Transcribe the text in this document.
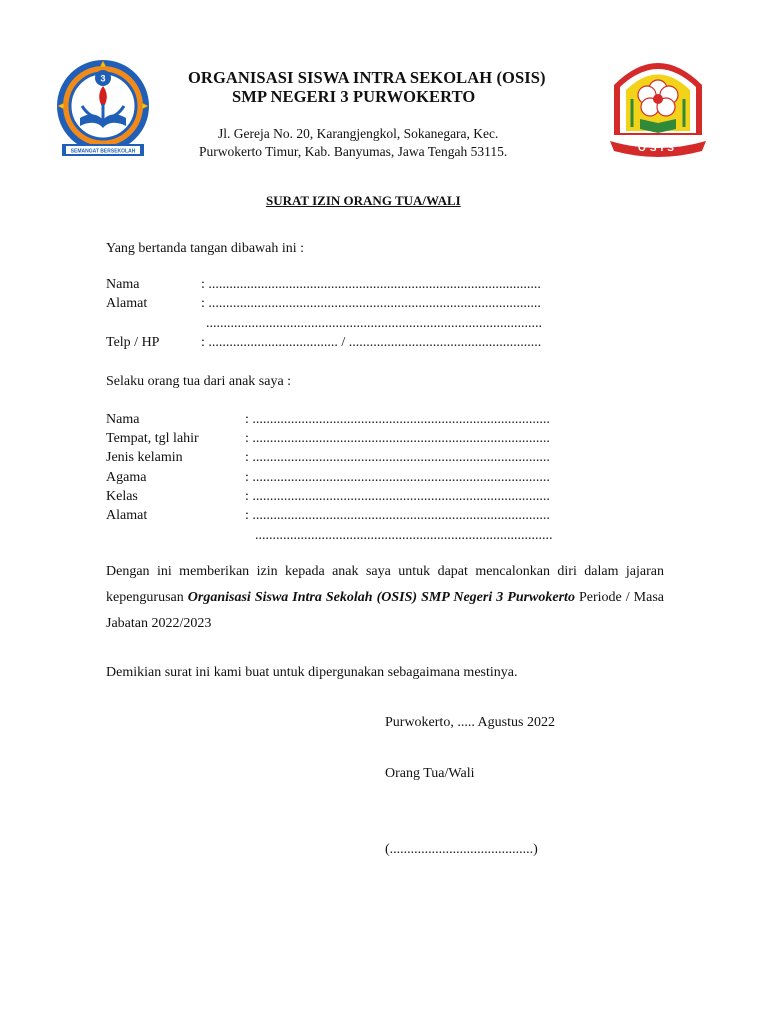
3
SEMANGAT BERSEKOLAH	OSIS
ORGANISASI SISWA INTRA SEKOLAH (OSIS)
SMP NEGERI 3 PURWOKERTO
Jl. Gereja No. 20, Karangjengkol, Sokanegara, Kec.
Purwokerto Timur, Kab. Banyumas, Jawa Tengah 53115.
SURAT IZIN ORANG TUA/WALI
Yang bertanda tangan dibawah ini :
Nama	: ...............................................................................................
Alamat	: ...............................................................................................
................................................................................................
Telp / HP	: ..................................... / .......................................................
Selaku orang tua dari anak saya :
Nama	: .....................................................................................
Tempat, tgl lahir	: .....................................................................................
Jenis kelamin	: .....................................................................................
Agama	: .....................................................................................
Kelas	: .....................................................................................
Alamat	: .....................................................................................
.....................................................................................
Dengan ini memberikan izin kepada anak saya untuk dapat mencalonkan diri dalam jajaran kepengurusan Organisasi Siswa Intra Sekolah (OSIS) SMP Negeri 3 Purwokerto Periode / Masa Jabatan 2022/2023
Demikian surat ini kami buat untuk dipergunakan sebagaimana mestinya.
Purwokerto, ..... Agustus 2022
Orang Tua/Wali
(.........................................)
